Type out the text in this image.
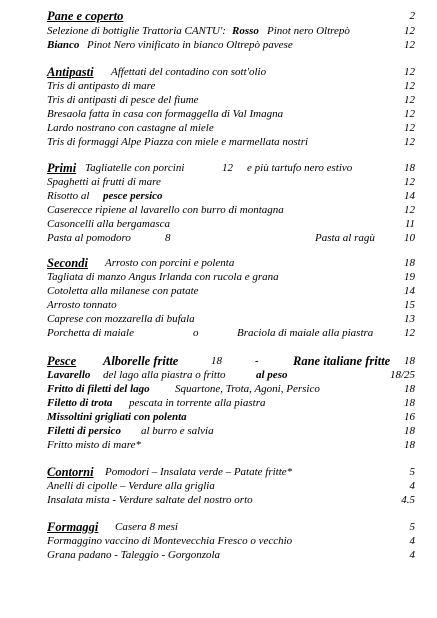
Pane e coperto	2
Selezione di bottiglie Trattoria CANTU': Rosso Pinot nero Oltrepò	12
Bianco Pinot Nero vinificato in bianco Oltrepò pavese	12
Antipasti Affettati del contadino con sott'olio	12
Tris di antipasto di mare	12
Tris di antipasti di pesce del fiume	12
Bresaola fatta in casa con formaggella di Val Imagna	12
Lardo nostrano con castagne al miele	12
Tris di formaggi Alpe Piazza con miele e marmellata nostri	12
Primi Tagliatelle con porcini	12 e più tartufo nero estivo	18
Spaghetti ai frutti di mare	12
Risotto al pesce persico	14
Caserecce ripiene al lavarello con burro di montagna	12
Casoncelli alla bergamasca	11
Pasta al pomodoro	8	Pasta al ragù	10
Secondi Arrosto con porcini e polenta	18
Tagliata di manzo Angus Irlanda con rucola e grana	19
Cotoletta alla milanese con patate	14
Arrosto tonnato	15
Caprese con mozzarella di bufala	13
Porchetta di maiale	o	Braciola di maiale alla piastra	12
Pesce Alborelle fritte	18	-	Rane italiane fritte 18
Lavarello del lago alla piastra o fritto	al peso	18/25
Fritto di filetti del lago Squartone, Trota, Agoni, Persico	18
Filetto di trota pescata in torrente alla piastra	18
Missoltini grigliati con polenta	16
Filetti di persico al burro e salvia	18
Fritto misto di mare*	18
Contorni Pomodori – Insalata verde – Patate fritte*	5
Anelli di cipolle – Verdure alla griglia	4
Insalata mista - Verdure saltate del nostro orto	4.5
Formaggi Casera 8 mesi	5
Formaggino vaccino di Montevecchia Fresco o vecchio	4
Grana padano - Taleggio - Gorgonzola	4
